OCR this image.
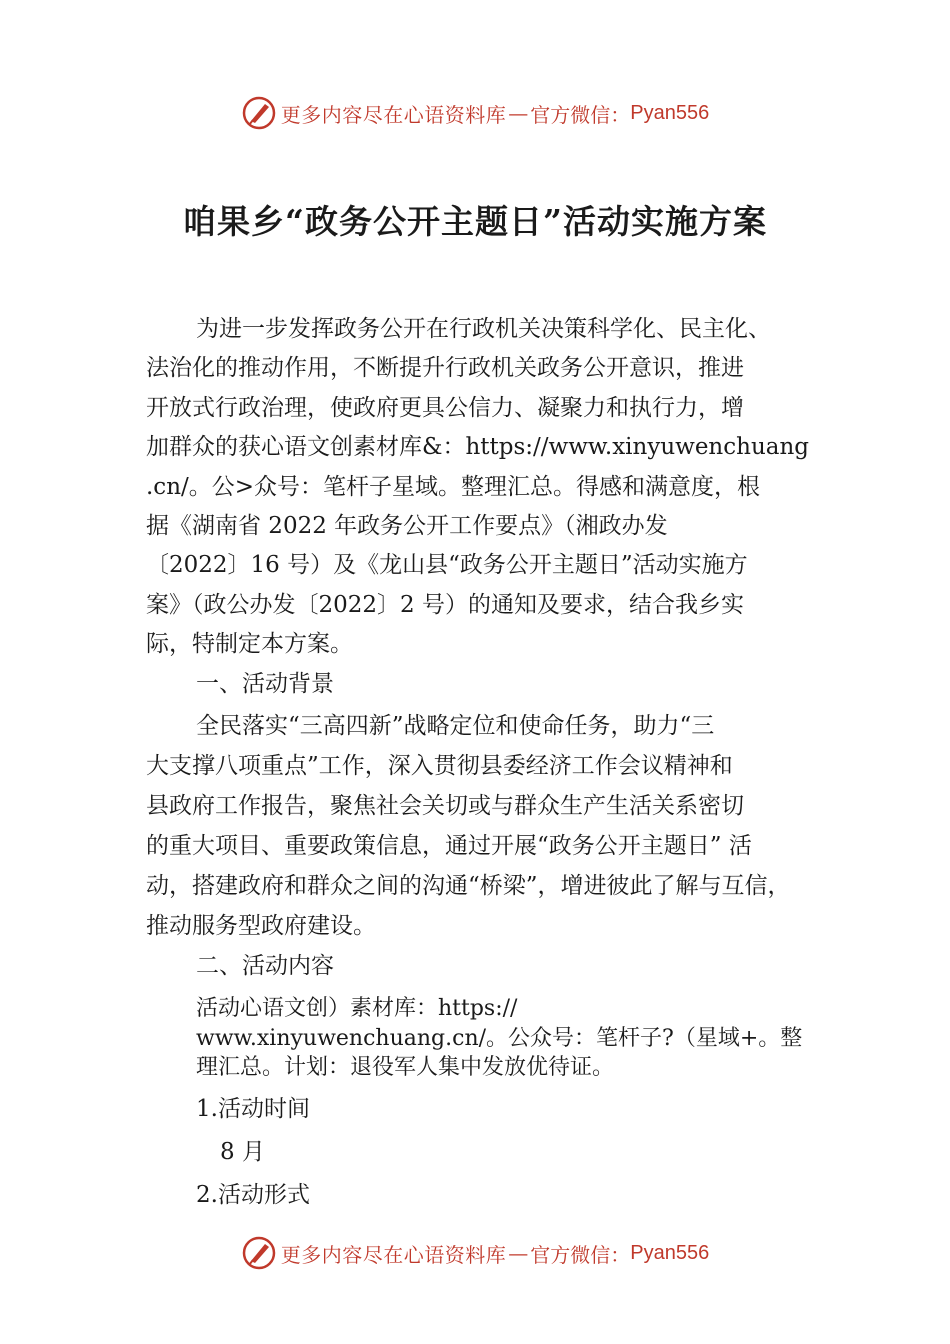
更多内容尽在心语资料库 — 官方微信： Pyan556
咱果乡“政务公开主题日”活动实施方案
为进一步发挥政务公开在行政机关决策科学化、民主化、
法治化的推动作用，不断提升行政机关政务公开意识，推进
开放式行政治理，使政府更具公信力、凝聚力和执行力，增
加群众的获心语文创素材库&：https://www.xinyuwenchuang
.cn/。公>众号：笔杆子星域。整理汇总。得感和满意度，根
据《湖南省 2022 年政务公开工作要点》（湘政办发
〔2022〕16 号）及《龙山县“政务公开主题日”活动实施方
案》（政公办发〔2022〕2 号）的通知及要求，结合我乡实
际，特制定本方案。
一、活动背景
全民落实“三高四新”战略定位和使命任务，助力“三
大支撑八项重点”工作，深入贯彻县委经济工作会议精神和
县政府工作报告，聚焦社会关切或与群众生产生活关系密切
的重大项目、重要政策信息，通过开展“政务公开主题日” 活
动，搭建政府和群众之间的沟通“桥梁”，增进彼此了解与互信，
推动服务型政府建设。
二、活动内容
活动心语文创）素材库：https://
www.xinyuwenchuang.cn/。公众号：笔杆子?（星域+。整
理汇总。计划：退役军人集中发放优待证。
1.活动时间
8 月
2.活动形式
更多内容尽在心语资料库 — 官方微信： Pyan556
